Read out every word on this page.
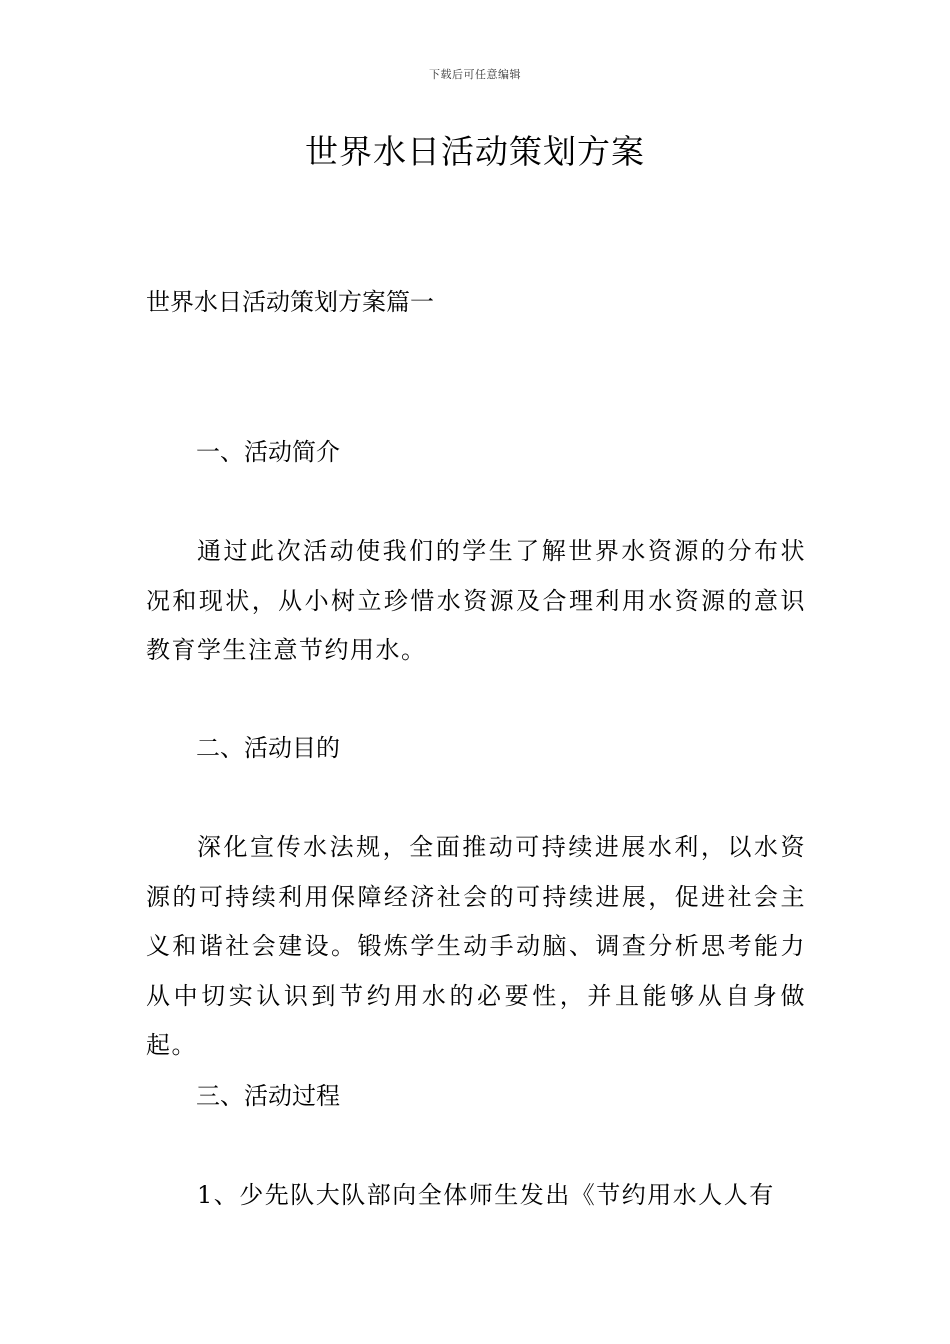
下载后可任意编辑
世界水日活动策划方案

世界水日活动策划方案篇一

一、活动简介

通过此次活动使我们的学生了解世界水资源的分布状况和现状，从小树立珍惜水资源及合理利用水资源的意识教育学生注意节约用水。

二、活动目的

深化宣传水法规，全面推动可持续进展水利，以水资源的可持续利用保障经济社会的可持续进展，促进社会主义和谐社会建设。锻炼学生动手动脑、调查分析思考能力从中切实认识到节约用水的必要性，并且能够从自身做起。

三、活动过程

1、少先队大队部向全体师生发出《节约用水人人有
